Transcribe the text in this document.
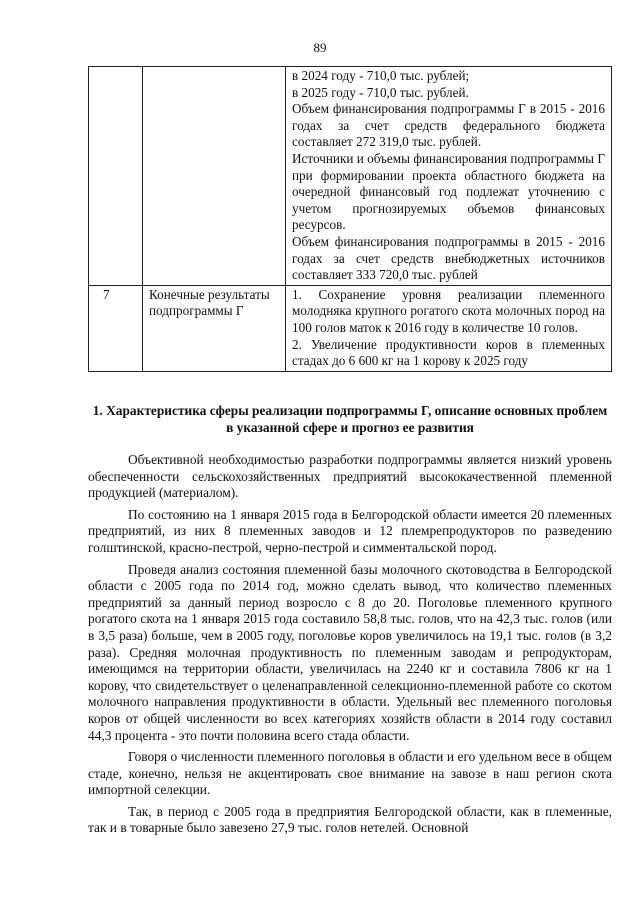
89

		в 2024 году - 710,0 тыс. рублей;

в 2025 году - 710,0 тыс. рублей.

Объем финансирования подпрограммы Г в 2015 - 2016 годах за счет средств федерального бюджета составляет 272 319,0 тыс. рублей.

Источники и объемы финансирования подпрограммы Г при формировании проекта областного бюджета на очередной финансовый год подлежат уточнению с учетом прогнозируемых объемов финансовых ресурсов.

Объем финансирования подпрограммы в 2015 - 2016 годах за счет средств внебюджетных источников составляет 333 720,0 тыс. рублей

7	Конечные результаты подпрограммы Г	1. Сохранение уровня реализации племенного молодняка крупного рогатого скота молочных пород на 100 голов маток к 2016 году в количестве 10 голов.

2. Увеличение продуктивности коров в племенных стадах до 6 600 кг на 1 корову к 2025 году

1. Характеристика сферы реализации подпрограммы Г, описание основных проблем в указанной сфере и прогноз ее развития

Объективной необходимостью разработки подпрограммы является низкий уровень обеспеченности сельскохозяйственных предприятий высококачественной племенной продукцией (материалом).

По состоянию на 1 января 2015 года в Белгородской области имеется 20 племенных предприятий, из них 8 племенных заводов и 12 племрепродукторов по разведению голштинской, красно-пестрой, черно-пестрой и симментальской пород.

Проведя анализ состояния племенной базы молочного скотоводства в Белгородской области с 2005 года по 2014 год, можно сделать вывод, что количество племенных предприятий за данный период возросло с 8 до 20. Поголовье племенного крупного рогатого скота на 1 января 2015 года составило 58,8 тыс. голов, что на 42,3 тыс. голов (или в 3,5 раза) больше, чем в 2005 году, поголовье коров увеличилось на 19,1 тыс. голов (в 3,2 раза). Средняя молочная продуктивность по племенным заводам и репродукторам, имеющимся на территории области, увеличилась на 2240 кг и составила 7806 кг на 1 корову, что свидетельствует о целенаправленной селекционно-племенной работе со скотом молочного направления продуктивности в области. Удельный вес племенного поголовья коров от общей численности во всех категориях хозяйств области в 2014 году составил 44,3 процента - это почти половина всего стада области.

Говоря о численности племенного поголовья в области и его удельном весе в общем стаде, конечно, нельзя не акцентировать свое внимание на завозе в наш регион скота импортной селекции.

Так, в период с 2005 года в предприятия Белгородской области, как в племенные, так и в товарные было завезено 27,9 тыс. голов нетелей. Основной
